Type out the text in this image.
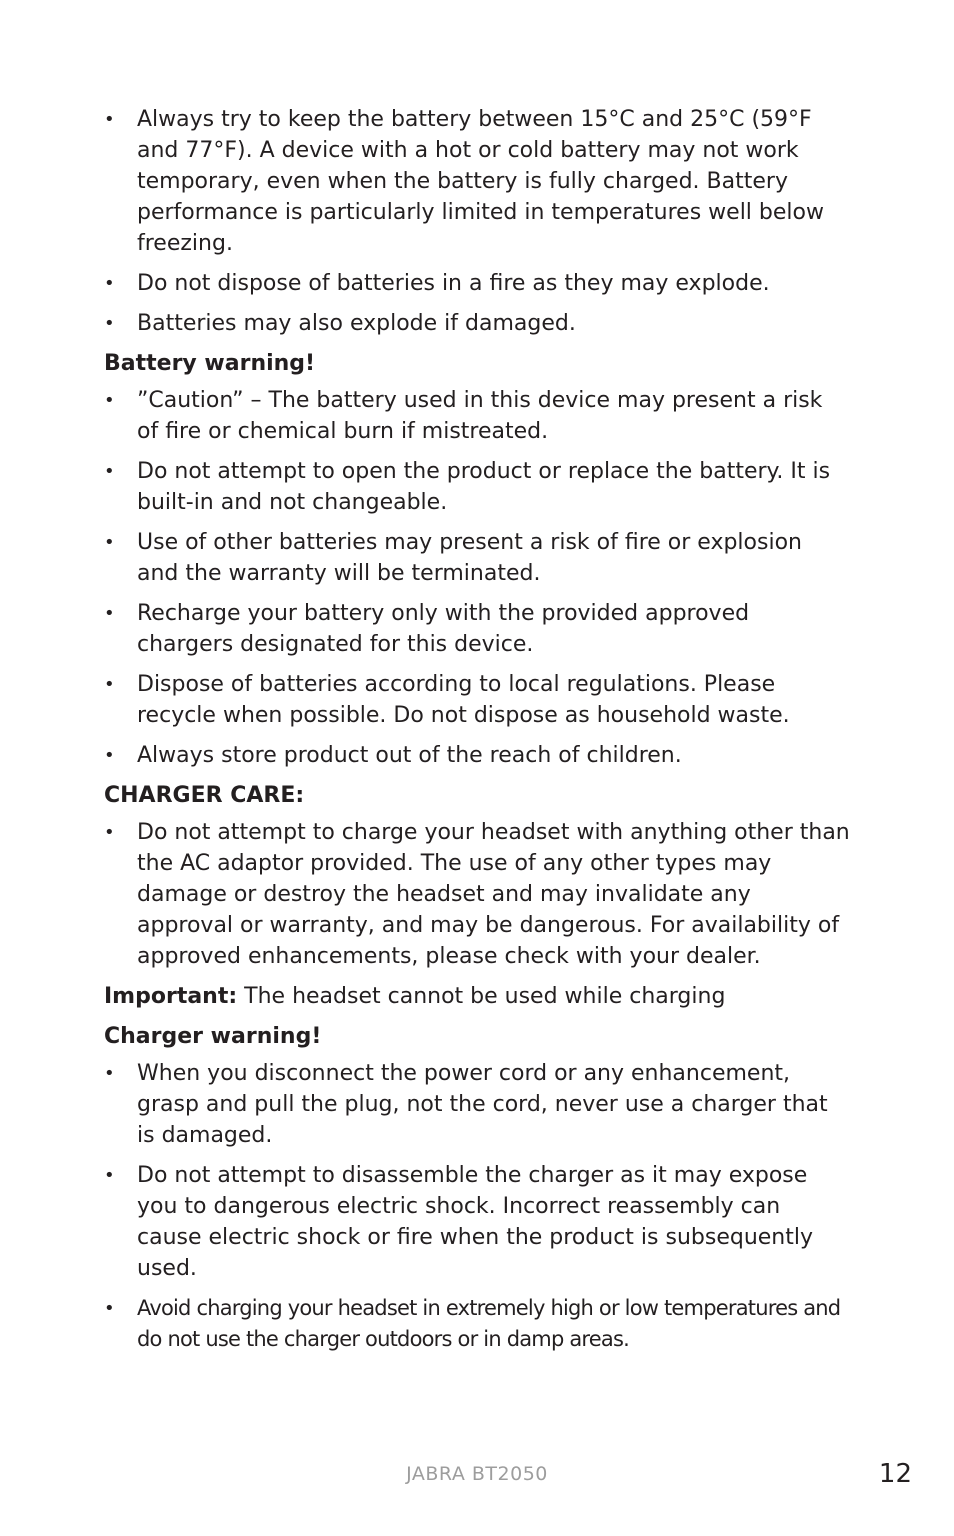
• Always try to keep the battery between 15°C and 25°C (59°F and 77°F). A device with a hot or cold battery may not work temporary, even when the battery is fully charged. Battery performance is particularly limited in temperatures well below freezing.
• Do not dispose of batteries in a fire as they may explode.
• Batteries may also explode if damaged.
Battery warning!
• ”Caution” – The battery used in this device may present a risk of fire or chemical burn if mistreated.
• Do not attempt to open the product or replace the battery. It is built-in and not changeable.
• Use of other batteries may present a risk of fire or explosion and the warranty will be terminated.
• Recharge your battery only with the provided approved chargers designated for this device.
• Dispose of batteries according to local regulations. Please recycle when possible. Do not dispose as household waste.
• Always store product out of the reach of children.
CHARGER CARE:
• Do not attempt to charge your headset with anything other than the AC adaptor provided. The use of any other types may damage or destroy the headset and may invalidate any approval or warranty, and may be dangerous. For availability of approved enhancements, please check with your dealer.
Important: The headset cannot be used while charging
Charger warning!
• When you disconnect the power cord or any enhancement, grasp and pull the plug, not the cord, never use a charger that is damaged.
• Do not attempt to disassemble the charger as it may expose you to dangerous electric shock. Incorrect reassembly can cause electric shock or fire when the product is subsequently used.
• Avoid charging your headset in extremely high or low temperatures and do not use the charger outdoors or in damp areas.
JABRA BT2050	12
